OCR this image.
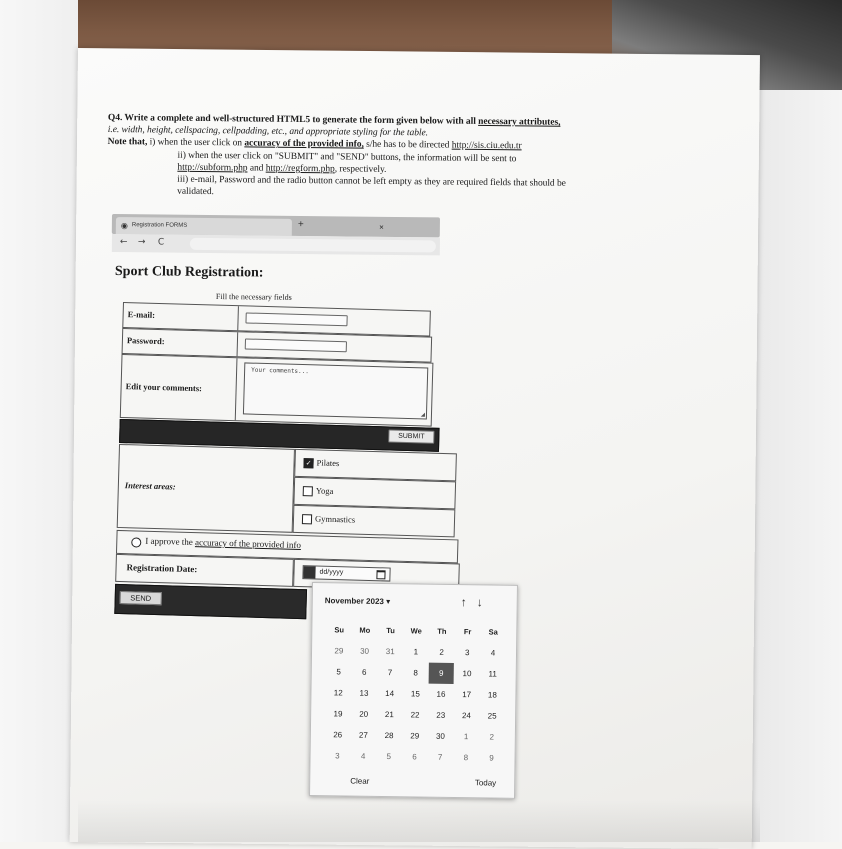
Q4. Write a complete and well-structured HTML5 to generate the form given below with all necessary attributes,
i.e. width, height, cellspacing, cellpadding, etc., and appropriate styling for the table.
Note that, i) when the user click on accuracy of the provided info, s/he has to be directed http://sis.ciu.edu.tr
ii) when the user click on "SUBMIT" and "SEND" buttons, the information will be sent to
http://subform.php and http://regform.php, respectively.
iii) e-mail, Password and the radio button cannot be left empty as they are required fields that should be
validated.
◉ Registration FORMS	×
+
← → C
Sport Club Registration:
Fill the necessary fields
E-mail:
Password:
Edit your comments:
Your comments...
◢
SUBMIT
Interest areas:
✓ Pilates
Yoga
Gymnastics
I approve the accuracy of the provided info
Registration Date:	dd/yyyy
SEND	November 2023 ▾	↑↓
Su	Mo	Tu	We	Th	Fr	Sa
29	30	31	1	2	3	4
5	6	7	8	9	10	11
12	13	14	15	16	17	18
19	20	21	22	23	24	25
26	27	28	29	30	1	2
3	4	5	6	7	8	9
Clear	Today
